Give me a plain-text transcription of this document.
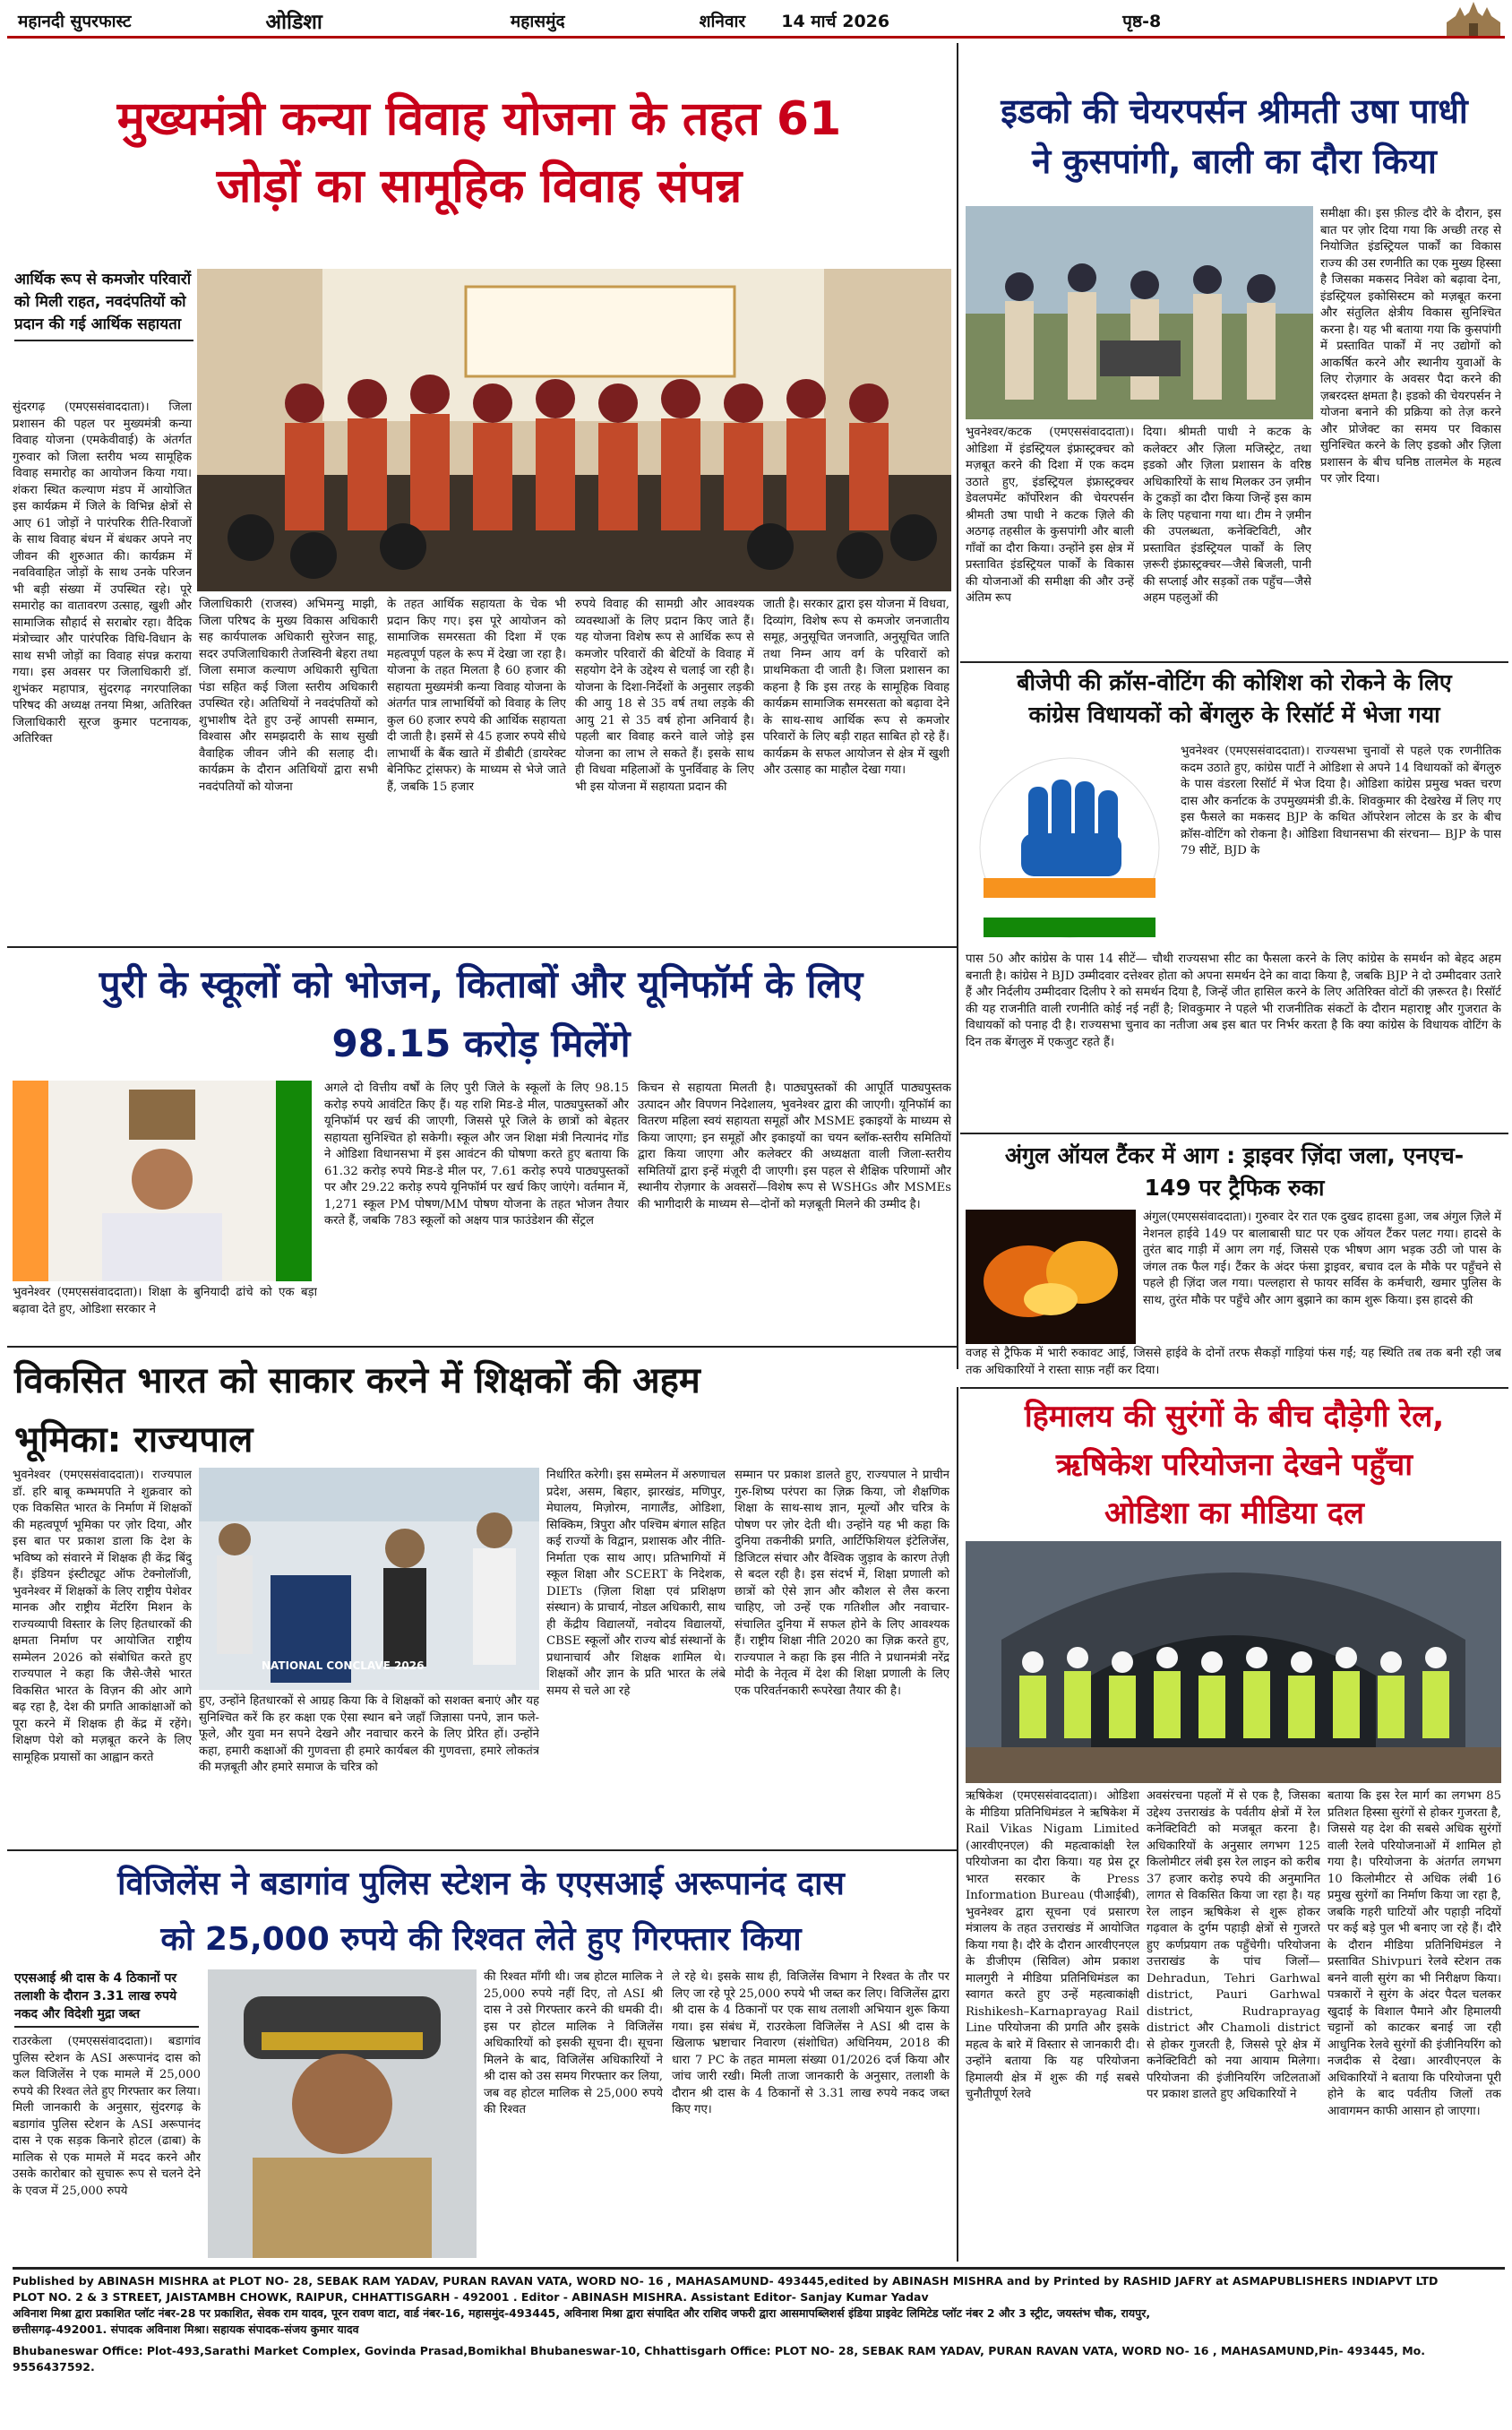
महानदी सुपरफास्ट	ओडिशा	महासमुंद	शनिवार 14 मार्च 2026	पृष्ठ-8
मुख्यमंत्री कन्या विवाह योजना के तहत 61
जोड़ों का सामूहिक विवाह संपन्न
आर्थिक रूप से कमजोर परिवारों को मिली राहत, नवदंपतियों को प्रदान की गई आर्थिक सहायता
सुंदरगढ़ (एमएससंवाददाता)। जिला प्रशासन की पहल पर मुख्यमंत्री कन्या विवाह योजना (एमकेवीवाई) के अंतर्गत गुरुवार को जिला स्तरीय भव्य सामूहिक विवाह समारोह का आयोजन किया गया। शंकरा स्थित कल्याण मंडप में आयोजित इस कार्यक्रम में जिले के विभिन्न क्षेत्रों से आए 61 जोड़ों ने पारंपरिक रीति-रिवाजों के साथ विवाह बंधन में बंधकर अपने नए जीवन की शुरुआत की। कार्यक्रम में नवविवाहित जोड़ों के साथ उनके परिजन भी बड़ी संख्या में उपस्थित रहे। पूरे समारोह का वातावरण उत्साह, खुशी और सामाजिक सौहार्द से सराबोर रहा। वैदिक मंत्रोच्चार और पारंपरिक विधि-विधान के साथ सभी जोड़ों का विवाह संपन्न कराया गया। इस अवसर पर जिलाधिकारी डॉ. शुभंकर महापात्र, सुंदरगढ़ नगरपालिका परिषद की अध्यक्ष तनया मिश्रा, अतिरिक्त जिलाधिकारी सूरज कुमार पटनायक, अतिरिक्त
जिलाधिकारी (राजस्व) अभिमन्यु माझी, जिला परिषद के मुख्य विकास अधिकारी सह कार्यपालक अधिकारी सुरेजन साहू, सदर उपजिलाधिकारी तेजस्विनी बेहरा तथा जिला समाज कल्याण अधिकारी सुचिता पंडा सहित कई जिला स्तरीय अधिकारी उपस्थित रहे। अतिथियों ने नवदंपतियों को शुभाशीष देते हुए उन्हें आपसी सम्मान, विश्वास और समझदारी के साथ सुखी वैवाहिक जीवन जीने की सलाह दी। कार्यक्रम के दौरान अतिथियों द्वारा सभी नवदंपतियों को योजना
के तहत आर्थिक सहायता के चेक भी प्रदान किए गए। इस पूरे आयोजन को सामाजिक समरसता की दिशा में एक महत्वपूर्ण पहल के रूप में देखा जा रहा है। योजना के तहत मिलता है 60 हजार की सहायता मुख्यमंत्री कन्या विवाह योजना के अंतर्गत पात्र लाभार्थियों को विवाह के लिए कुल 60 हजार रुपये की आर्थिक सहायता दी जाती है। इसमें से 45 हजार रुपये सीधे लाभार्थी के बैंक खाते में डीबीटी (डायरेक्ट बेनिफिट ट्रांसफर) के माध्यम से भेजे जाते हैं, जबकि 15 हजार
रुपये विवाह की सामग्री और आवश्यक व्यवस्थाओं के लिए प्रदान किए जाते हैं। यह योजना विशेष रूप से आर्थिक रूप से कमजोर परिवारों की बेटियों के विवाह में सहयोग देने के उद्देश्य से चलाई जा रही है। योजना के दिशा-निर्देशों के अनुसार लड़की की आयु 18 से 35 वर्ष तथा लड़के की आयु 21 से 35 वर्ष होना अनिवार्य है। पहली बार विवाह करने वाले जोड़े इस योजना का लाभ ले सकते हैं। इसके साथ ही विधवा महिलाओं के पुनर्विवाह के लिए भी इस योजना में सहायता प्रदान की
जाती है। सरकार द्वारा इस योजना में विधवा, दिव्यांग, विशेष रूप से कमजोर जनजातीय समूह, अनुसूचित जनजाति, अनुसूचित जाति तथा निम्न आय वर्ग के परिवारों को प्राथमिकता दी जाती है। जिला प्रशासन का कहना है कि इस तरह के सामूहिक विवाह कार्यक्रम सामाजिक समरसता को बढ़ावा देने के साथ-साथ आर्थिक रूप से कमजोर परिवारों के लिए बड़ी राहत साबित हो रहे हैं। कार्यक्रम के सफल आयोजन से क्षेत्र में खुशी और उत्साह का माहौल देखा गया।
इडको की चेयरपर्सन श्रीमती उषा पाधी
ने कुसपांगी, बाली का दौरा किया
भुवनेश्वर/कटक (एमएससंवाददाता)। ओडिशा में इंडस्ट्रियल इंफ्रास्ट्रक्चर को मज़बूत करने की दिशा में एक कदम उठाते हुए, इंडस्ट्रियल इंफ्रास्ट्रक्चर डेवलपमेंट कॉर्पोरेशन की चेयरपर्सन श्रीमती उषा पाधी ने कटक ज़िले की अठगढ़ तहसील के कुसपांगी और बाली गाँवों का दौरा किया। उन्होंने इस क्षेत्र में प्रस्तावित इंडस्ट्रियल पार्कों के विकास की योजनाओं की समीक्षा की और उन्हें अंतिम रूप
दिया। श्रीमती पाधी ने कटक के कलेक्टर और ज़िला मजिस्ट्रेट, तथा इडको और ज़िला प्रशासन के वरिष्ठ अधिकारियों के साथ मिलकर उन ज़मीन के टुकड़ों का दौरा किया जिन्हें इस काम के लिए पहचाना गया था। टीम ने ज़मीन की उपलब्धता, कनेक्टिविटी, और प्रस्तावित इंडस्ट्रियल पार्कों के लिए ज़रूरी इंफ्रास्ट्रक्चर—जैसे बिजली, पानी की सप्लाई और सड़कों तक पहुँच—जैसे अहम पहलुओं की
समीक्षा की। इस फ़ील्ड दौरे के दौरान, इस बात पर ज़ोर दिया गया कि अच्छी तरह से नियोजित इंडस्ट्रियल पार्कों का विकास राज्य की उस रणनीति का एक मुख्य हिस्सा है जिसका मकसद निवेश को बढ़ावा देना, इंडस्ट्रियल इकोसिस्टम को मज़बूत करना और संतुलित क्षेत्रीय विकास सुनिश्चित करना है। यह भी बताया गया कि कुसपांगी में प्रस्तावित पार्कों में नए उद्योगों को आकर्षित करने और स्थानीय युवाओं के लिए रोज़गार के अवसर पैदा करने की ज़बरदस्त क्षमता है। इडको की चेयरपर्सन ने योजना बनाने की प्रक्रिया को तेज़ करने और प्रोजेक्ट का समय पर विकास सुनिश्चित करने के लिए इडको और ज़िला प्रशासन के बीच घनिष्ठ तालमेल के महत्व पर ज़ोर दिया।
बीजेपी की क्रॉस-वोटिंग की कोशिश को रोकने के लिए
कांग्रेस विधायकों को बेंगलुरु के रिसॉर्ट में भेजा गया
भुवनेश्वर (एमएससंवाददाता)। राज्यसभा चुनावों से पहले एक रणनीतिक कदम उठाते हुए, कांग्रेस पार्टी ने ओडिशा से अपने 14 विधायकों को बेंगलुरु के पास वंडरला रिसॉर्ट में भेज दिया है। ओडिशा कांग्रेस प्रमुख भक्त चरण दास और कर्नाटक के उपमुख्यमंत्री डी.के. शिवकुमार की देखरेख में लिए गए इस फैसले का मकसद BJP के कथित ऑपरेशन लोटस के डर के बीच क्रॉस-वोटिंग को रोकना है। ओडिशा विधानसभा की संरचना— BJP के पास 79 सीटें, BJD के
पास 50 और कांग्रेस के पास 14 सीटें— चौथी राज्यसभा सीट का फैसला करने के लिए कांग्रेस के समर्थन को बेहद अहम बनाती है। कांग्रेस ने BJD उम्मीदवार दत्तेश्वर होता को अपना समर्थन देने का वादा किया है, जबकि BJP ने दो उम्मीदवार उतारे हैं और निर्दलीय उम्मीदवार दिलीप रे को समर्थन दिया है, जिन्हें जीत हासिल करने के लिए अतिरिक्त वोटों की ज़रूरत है। रिसॉर्ट की यह राजनीति वाली रणनीति कोई नई नहीं है; शिवकुमार ने पहले भी राजनीतिक संकटों के दौरान महाराष्ट्र और गुजरात के विधायकों को पनाह दी है। राज्यसभा चुनाव का नतीजा अब इस बात पर निर्भर करता है कि क्या कांग्रेस के विधायक वोटिंग के दिन तक बेंगलुरु में एकजुट रहते हैं।
पुरी के स्कूलों को भोजन, किताबों और यूनिफॉर्म के लिए
98.15 करोड़ मिलेंगे
भुवनेश्वर (एमएससंवाददाता)। शिक्षा के बुनियादी ढांचे को एक बड़ा बढ़ावा देते हुए, ओडिशा सरकार ने
अगले दो वित्तीय वर्षों के लिए पुरी जिले के स्कूलों के लिए 98.15 करोड़ रुपये आवंटित किए हैं। यह राशि मिड-डे मील, पाठ्यपुस्तकों और यूनिफॉर्म पर खर्च की जाएगी, जिससे पूरे जिले के छात्रों को बेहतर सहायता सुनिश्चित हो सकेगी। स्कूल और जन शिक्षा मंत्री नित्यानंद गोंड ने ओडिशा विधानसभा में इस आवंटन की घोषणा करते हुए बताया कि 61.32 करोड़ रुपये मिड-डे मील पर, 7.61 करोड़ रुपये पाठ्यपुस्तकों पर और 29.22 करोड़ रुपये यूनिफॉर्म पर खर्च किए जाएंगे। वर्तमान में, 1,271 स्कूल PM पोषण/MM पोषण योजना के तहत भोजन तैयार करते हैं, जबकि 783 स्कूलों को अक्षय पात्र फाउंडेशन की सेंट्रल
किचन से सहायता मिलती है। पाठ्यपुस्तकों की आपूर्ति पाठ्यपुस्तक उत्पादन और विपणन निदेशालय, भुवनेश्वर द्वारा की जाएगी। यूनिफॉर्म का वितरण महिला स्वयं सहायता समूहों और MSME इकाइयों के माध्यम से किया जाएगा; इन समूहों और इकाइयों का चयन ब्लॉक-स्तरीय समितियों द्वारा किया जाएगा और कलेक्टर की अध्यक्षता वाली जिला-स्तरीय समितियों द्वारा इन्हें मंज़ूरी दी जाएगी। इस पहल से शैक्षिक परिणामों और स्थानीय रोज़गार के अवसरों—विशेष रूप से WSHGs और MSMEs की भागीदारी के माध्यम से—दोनों को मज़बूती मिलने की उम्मीद है।
अंगुल ऑयल टैंकर में आग : ड्राइवर ज़िंदा जला, एनएच-
149 पर ट्रैफिक रुका
अंगुल(एमएससंवाददाता)। गुरुवार देर रात एक दुखद हादसा हुआ, जब अंगुल ज़िले में नेशनल हाईवे 149 पर बालाबासी घाट पर एक ऑयल टैंकर पलट गया। हादसे के तुरंत बाद गाड़ी में आग लग गई, जिससे एक भीषण आग भड़क उठी जो पास के जंगल तक फैल गई। टैंकर के अंदर फंसा ड्राइवर, बचाव दल के मौके पर पहुँचने से पहले ही ज़िंदा जल गया। पल्लहारा से फायर सर्विस के कर्मचारी, खमार पुलिस के साथ, तुरंत मौके पर पहुँचे और आग बुझाने का काम शुरू किया। इस हादसे की
वजह से ट्रैफिक में भारी रुकावट आई, जिससे हाईवे के दोनों तरफ सैकड़ों गाड़ियां फंस गईं; यह स्थिति तब तक बनी रही जब तक अधिकारियों ने रास्ता साफ़ नहीं कर दिया।
विकसित भारत को साकार करने में शिक्षकों की अहम
भूमिका: राज्यपाल
NATIONAL CONCLAVE 2026
भुवनेश्वर (एमएससंवाददाता)। राज्यपाल डॉ. हरि बाबू कम्भमपति ने शुक्रवार को एक विकसित भारत के निर्माण में शिक्षकों की महत्वपूर्ण भूमिका पर ज़ोर दिया, और इस बात पर प्रकाश डाला कि देश के भविष्य को संवारने में शिक्षक ही केंद्र बिंदु हैं। इंडियन इंस्टीट्यूट ऑफ टेक्नोलॉजी, भुवनेश्वर में शिक्षकों के लिए राष्ट्रीय पेशेवर मानक और राष्ट्रीय मेंटरिंग मिशन के राज्यव्यापी विस्तार के लिए हितधारकों की क्षमता निर्माण पर आयोजित राष्ट्रीय सम्मेलन 2026 को संबोधित करते हुए राज्यपाल ने कहा कि जैसे-जैसे भारत विकसित भारत के विज़न की ओर आगे बढ़ रहा है, देश की प्रगति आकांक्षाओं को पूरा करने में शिक्षक ही केंद्र में रहेंगे। शिक्षण पेशे को मज़बूत करने के लिए सामूहिक प्रयासों का आह्वान करते
हुए, उन्होंने हितधारकों से आग्रह किया कि वे शिक्षकों को सशक्त बनाएं और यह सुनिश्चित करें कि हर कक्षा एक ऐसा स्थान बने जहाँ जिज्ञासा पनपे, ज्ञान फले-फूले, और युवा मन सपने देखने और नवाचार करने के लिए प्रेरित हों। उन्होंने कहा, हमारी कक्षाओं की गुणवत्ता ही हमारे कार्यबल की गुणवत्ता, हमारे लोकतंत्र की मज़बूती और हमारे समाज के चरित्र को
निर्धारित करेगी। इस सम्मेलन में अरुणाचल प्रदेश, असम, बिहार, झारखंड, मणिपुर, मेघालय, मिज़ोरम, नागालैंड, ओडिशा, सिक्किम, त्रिपुरा और पश्चिम बंगाल सहित कई राज्यों के विद्वान, प्रशासक और नीति-निर्माता एक साथ आए। प्रतिभागियों में स्कूल शिक्षा और SCERT के निदेशक, DIETs (ज़िला शिक्षा एवं प्रशिक्षण संस्थान) के प्राचार्य, नोडल अधिकारी, साथ ही केंद्रीय विद्यालयों, नवोदय विद्यालयों, CBSE स्कूलों और राज्य बोर्ड संस्थानों के प्रधानाचार्य और शिक्षक शामिल थे। शिक्षकों और ज्ञान के प्रति भारत के लंबे समय से चले आ रहे
सम्मान पर प्रकाश डालते हुए, राज्यपाल ने प्राचीन गुरु-शिष्य परंपरा का ज़िक्र किया, जो शैक्षणिक शिक्षा के साथ-साथ ज्ञान, मूल्यों और चरित्र के पोषण पर ज़ोर देती थी। उन्होंने यह भी कहा कि दुनिया तकनीकी प्रगति, आर्टिफिशियल इंटेलिजेंस, डिजिटल संचार और वैश्विक जुड़ाव के कारण तेज़ी से बदल रही है। इस संदर्भ में, शिक्षा प्रणाली को छात्रों को ऐसे ज्ञान और कौशल से लैस करना चाहिए, जो उन्हें एक गतिशील और नवाचार-संचालित दुनिया में सफल होने के लिए आवश्यक हैं। राष्ट्रीय शिक्षा नीति 2020 का ज़िक्र करते हुए, राज्यपाल ने कहा कि इस नीति ने प्रधानमंत्री नरेंद्र मोदी के नेतृत्व में देश की शिक्षा प्रणाली के लिए एक परिवर्तनकारी रूपरेखा तैयार की है।
हिमालय की सुरंगों के बीच दौड़ेगी रेल,
ऋषिकेश परियोजना देखने पहुँचा
ओडिशा का मीडिया दल
ऋषिकेश (एमएससंवाददाता)। ओडिशा के मीडिया प्रतिनिधिमंडल ने ऋषिकेश में Rail Vikas Nigam Limited (आरवीएनएल) की महत्वाकांक्षी रेल परियोजना का दौरा किया। यह प्रेस टूर भारत सरकार के Press Information Bureau (पीआईबी), भुवनेश्वर द्वारा सूचना एवं प्रसारण मंत्रालय के तहत उत्तराखंड में आयोजित किया गया है। दौरे के दौरान आरवीएनएल के डीजीएम (सिविल) ओम प्रकाश मालगुरी ने मीडिया प्रतिनिधिमंडल का स्वागत करते हुए उन्हें महत्वाकांक्षी Rishikesh–Karnaprayag Rail Line परियोजना की प्रगति और इसके महत्व के बारे में विस्तार से जानकारी दी। उन्होंने बताया कि यह परियोजना हिमालयी क्षेत्र में शुरू की गई सबसे चुनौतीपूर्ण रेलवे
अवसंरचना पहलों में से एक है, जिसका उद्देश्य उत्तराखंड के पर्वतीय क्षेत्रों में रेल कनेक्टिविटी को मजबूत करना है। अधिकारियों के अनुसार लगभग 125 किलोमीटर लंबी इस रेल लाइन को करीब 37 हजार करोड़ रुपये की अनुमानित लागत से विकसित किया जा रहा है। यह रेल लाइन ऋषिकेश से शुरू होकर गढ़वाल के दुर्गम पहाड़ी क्षेत्रों से गुजरते हुए कर्णप्रयाग तक पहुँचेगी। परियोजना उत्तराखंड के पांच जिलों— Dehradun, Tehri Garhwal district, Pauri Garhwal district, Rudraprayag district और Chamoli district से होकर गुजरती है, जिससे पूरे क्षेत्र में कनेक्टिविटी को नया आयाम मिलेगा। परियोजना की इंजीनियरिंग जटिलताओं पर प्रकाश डालते हुए अधिकारियों ने
बताया कि इस रेल मार्ग का लगभग 85 प्रतिशत हिस्सा सुरंगों से होकर गुजरता है, जिससे यह देश की सबसे अधिक सुरंगों वाली रेलवे परियोजनाओं में शामिल हो गया है। परियोजना के अंतर्गत लगभग 10 किलोमीटर से अधिक लंबी 16 प्रमुख सुरंगों का निर्माण किया जा रहा है, जबकि गहरी घाटियों और पहाड़ी नदियों पर कई बड़े पुल भी बनाए जा रहे हैं। दौरे के दौरान मीडिया प्रतिनिधिमंडल ने प्रस्तावित Shivpuri रेलवे स्टेशन तक बनने वाली सुरंग का भी निरीक्षण किया। पत्रकारों ने सुरंग के अंदर पैदल चलकर खुदाई के विशाल पैमाने और हिमालयी चट्टानों को काटकर बनाई जा रही आधुनिक रेलवे सुरंगों की इंजीनियरिंग को नजदीक से देखा। आरवीएनएल के अधिकारियों ने बताया कि परियोजना पूरी होने के बाद पर्वतीय जिलों तक आवागमन काफी आसान हो जाएगा।
विजिलेंस ने बडागांव पुलिस स्टेशन के एएसआई अरूपानंद दास
को 25,000 रुपये की रिश्वत लेते हुए गिरफ्तार किया
एएसआई श्री दास के 4 ठिकानों पर तलाशी के दौरान 3.31 लाख रुपये नकद और विदेशी मुद्रा जब्त
राउरकेला (एमएससंवाददाता)। बडागांव पुलिस स्टेशन के ASI अरूपानंद दास को कल विजिलेंस ने एक मामले में 25,000 रुपये की रिश्वत लेते हुए गिरफ्तार कर लिया। मिली जानकारी के अनुसार, सुंदरगढ़ के बडागांव पुलिस स्टेशन के ASI अरूपानंद दास ने एक सड़क किनारे होटल (ढाबा) के मालिक से एक मामले में मदद करने और उसके कारोबार को सुचारू रूप से चलने देने के एवज में 25,000 रुपये
की रिश्वत माँगी थी। जब होटल मालिक ने 25,000 रुपये नहीं दिए, तो ASI श्री दास ने उसे गिरफ्तार करने की धमकी दी। इस पर होटल मालिक ने विजिलेंस अधिकारियों को इसकी सूचना दी। सूचना मिलने के बाद, विजिलेंस अधिकारियों ने श्री दास को उस समय गिरफ्तार कर लिया, जब वह होटल मालिक से 25,000 रुपये की रिश्वत
ले रहे थे। इसके साथ ही, विजिलेंस विभाग ने रिश्वत के तौर पर लिए जा रहे पूरे 25,000 रुपये भी जब्त कर लिए। विजिलेंस द्वारा श्री दास के 4 ठिकानों पर एक साथ तलाशी अभियान शुरू किया गया। इस संबंध में, राउरकेला विजिलेंस ने ASI श्री दास के खिलाफ भ्रष्टाचार निवारण (संशोधित) अधिनियम, 2018 की धारा 7 PC के तहत मामला संख्या 01/2026 दर्ज किया और जांच जारी रखी। मिली ताजा जानकारी के अनुसार, तलाशी के दौरान श्री दास के 4 ठिकानों से 3.31 लाख रुपये नकद जब्त किए गए।
Published by ABINASH MISHRA at PLOT NO- 28, SEBAK RAM YADAV, PURAN RAVAN VATA, WORD NO- 16 , MAHASAMUND- 493445,edited by ABINASH MISHRA and by Printed by RASHID JAFRY at ASMAPUBLISHERS INDIAPVT LTD
PLOT NO. 2 & 3 STREET, JAISTAMBH CHOWK, RAIPUR, CHHATTISGARH - 492001 . Editor - ABINASH MISHRA. Assistant Editor- Sanjay Kumar Yadav
अविनाश मिश्रा द्वारा प्रकाशित प्लॉट नंबर-28 पर प्रकाशित, सेवक राम यादव, पूरन रावण वाटा, वार्ड नंबर-16, महासमुंद-493445, अविनाश मिश्रा द्वारा संपादित और राशिद जफरी द्वारा आसमापब्लिशर्स इंडिया प्राइवेट लिमिटेड प्लॉट नंबर 2 और 3 स्ट्रीट, जयस्तंभ चौक, रायपुर,
छत्तीसगढ़-492001. संपादक अविनाश मिश्रा। सहायक संपादक-संजय कुमार यादव
Bhubaneswar Office: Plot-493,Sarathi Market Complex, Govinda Prasad,Bomikhal Bhubaneswar-10, Chhattisgarh Office: PLOT NO- 28, SEBAK RAM YADAV, PURAN RAVAN VATA, WORD NO- 16 , MAHASAMUND,Pin- 493445, Mo. 9556437592.
